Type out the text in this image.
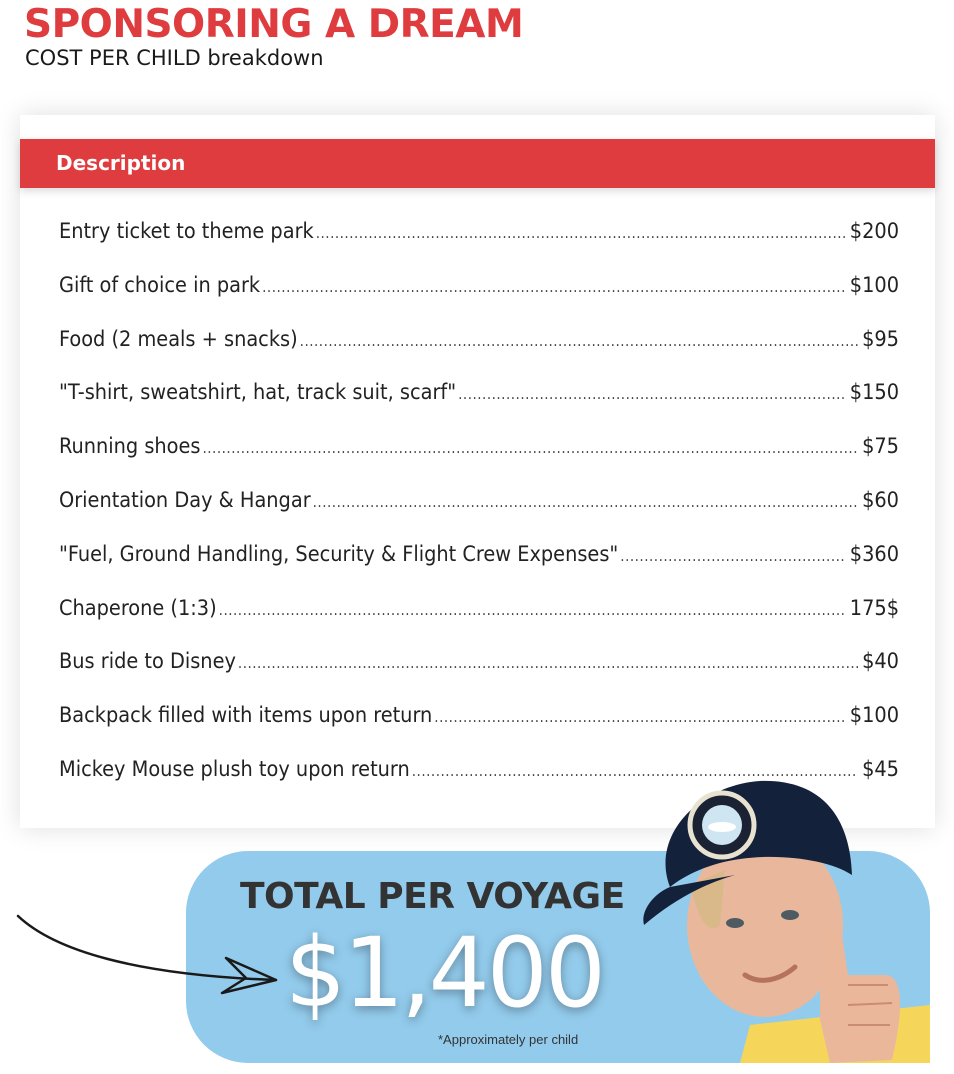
SPONSORING A DREAM
COST PER CHILD breakdown
Description
Entry ticket to theme park .....	$200
Gift of choice in park .....	$100
Food (2 meals + snacks) .....	$95
"T-shirt, sweatshirt, hat, track suit, scarf" .....	$150
Running shoes .....	$75
Orientation Day & Hangar .....	$60
"Fuel, Ground Handling, Security & Flight Crew Expenses" .....	$360
Chaperone (1:3) .....	175$
Bus ride to Disney .....	$40
Backpack filled with items upon return .....	$100
Mickey Mouse plush toy upon return .....	$45
TOTAL PER VOYAGE
$1,400
*Approximately per child
